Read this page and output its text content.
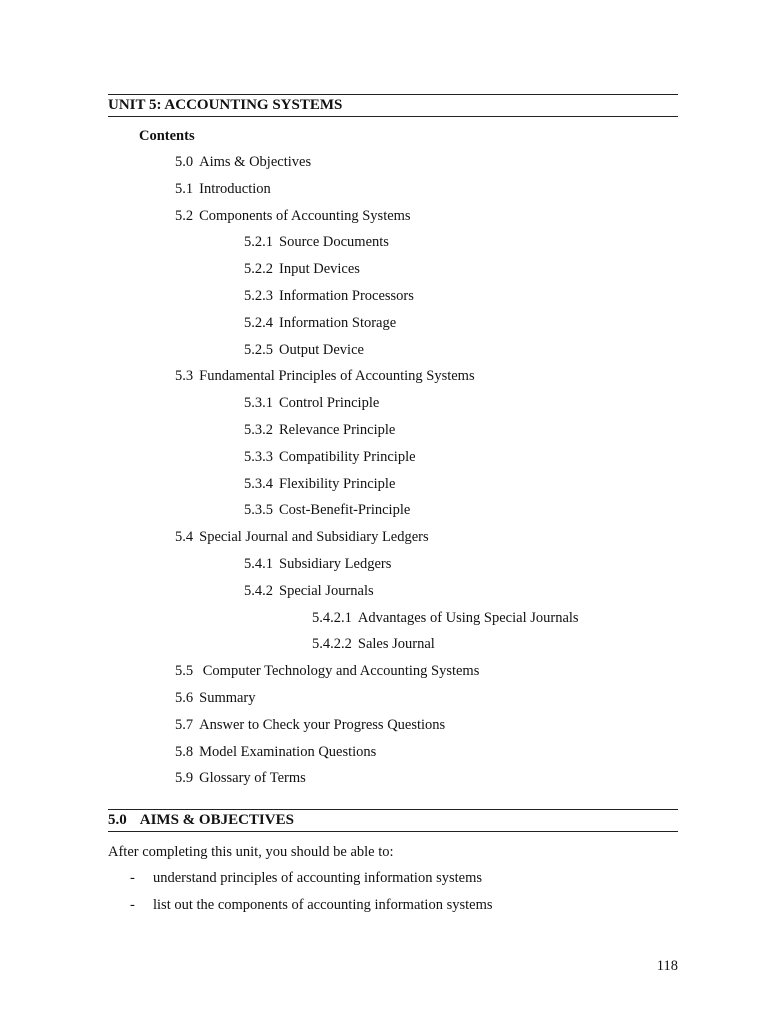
UNIT 5: ACCOUNTING SYSTEMS
Contents
5.0 Aims & Objectives
5.1 Introduction
5.2 Components of Accounting Systems
5.2.1 Source Documents
5.2.2 Input Devices
5.2.3 Information Processors
5.2.4 Information Storage
5.2.5 Output Device
5.3 Fundamental Principles of Accounting Systems
5.3.1 Control Principle
5.3.2 Relevance Principle
5.3.3 Compatibility Principle
5.3.4 Flexibility Principle
5.3.5 Cost-Benefit-Principle
5.4 Special Journal and Subsidiary Ledgers
5.4.1 Subsidiary Ledgers
5.4.2 Special Journals
5.4.2.1 Advantages of Using Special Journals
5.4.2.2 Sales Journal
5.5 Computer Technology and Accounting Systems
5.6 Summary
5.7 Answer to Check your Progress Questions
5.8 Model Examination Questions
5.9 Glossary of Terms
5.0 AIMS & OBJECTIVES
After completing this unit, you should be able to:
- understand principles of accounting information systems
- list out the components of accounting information systems
118
